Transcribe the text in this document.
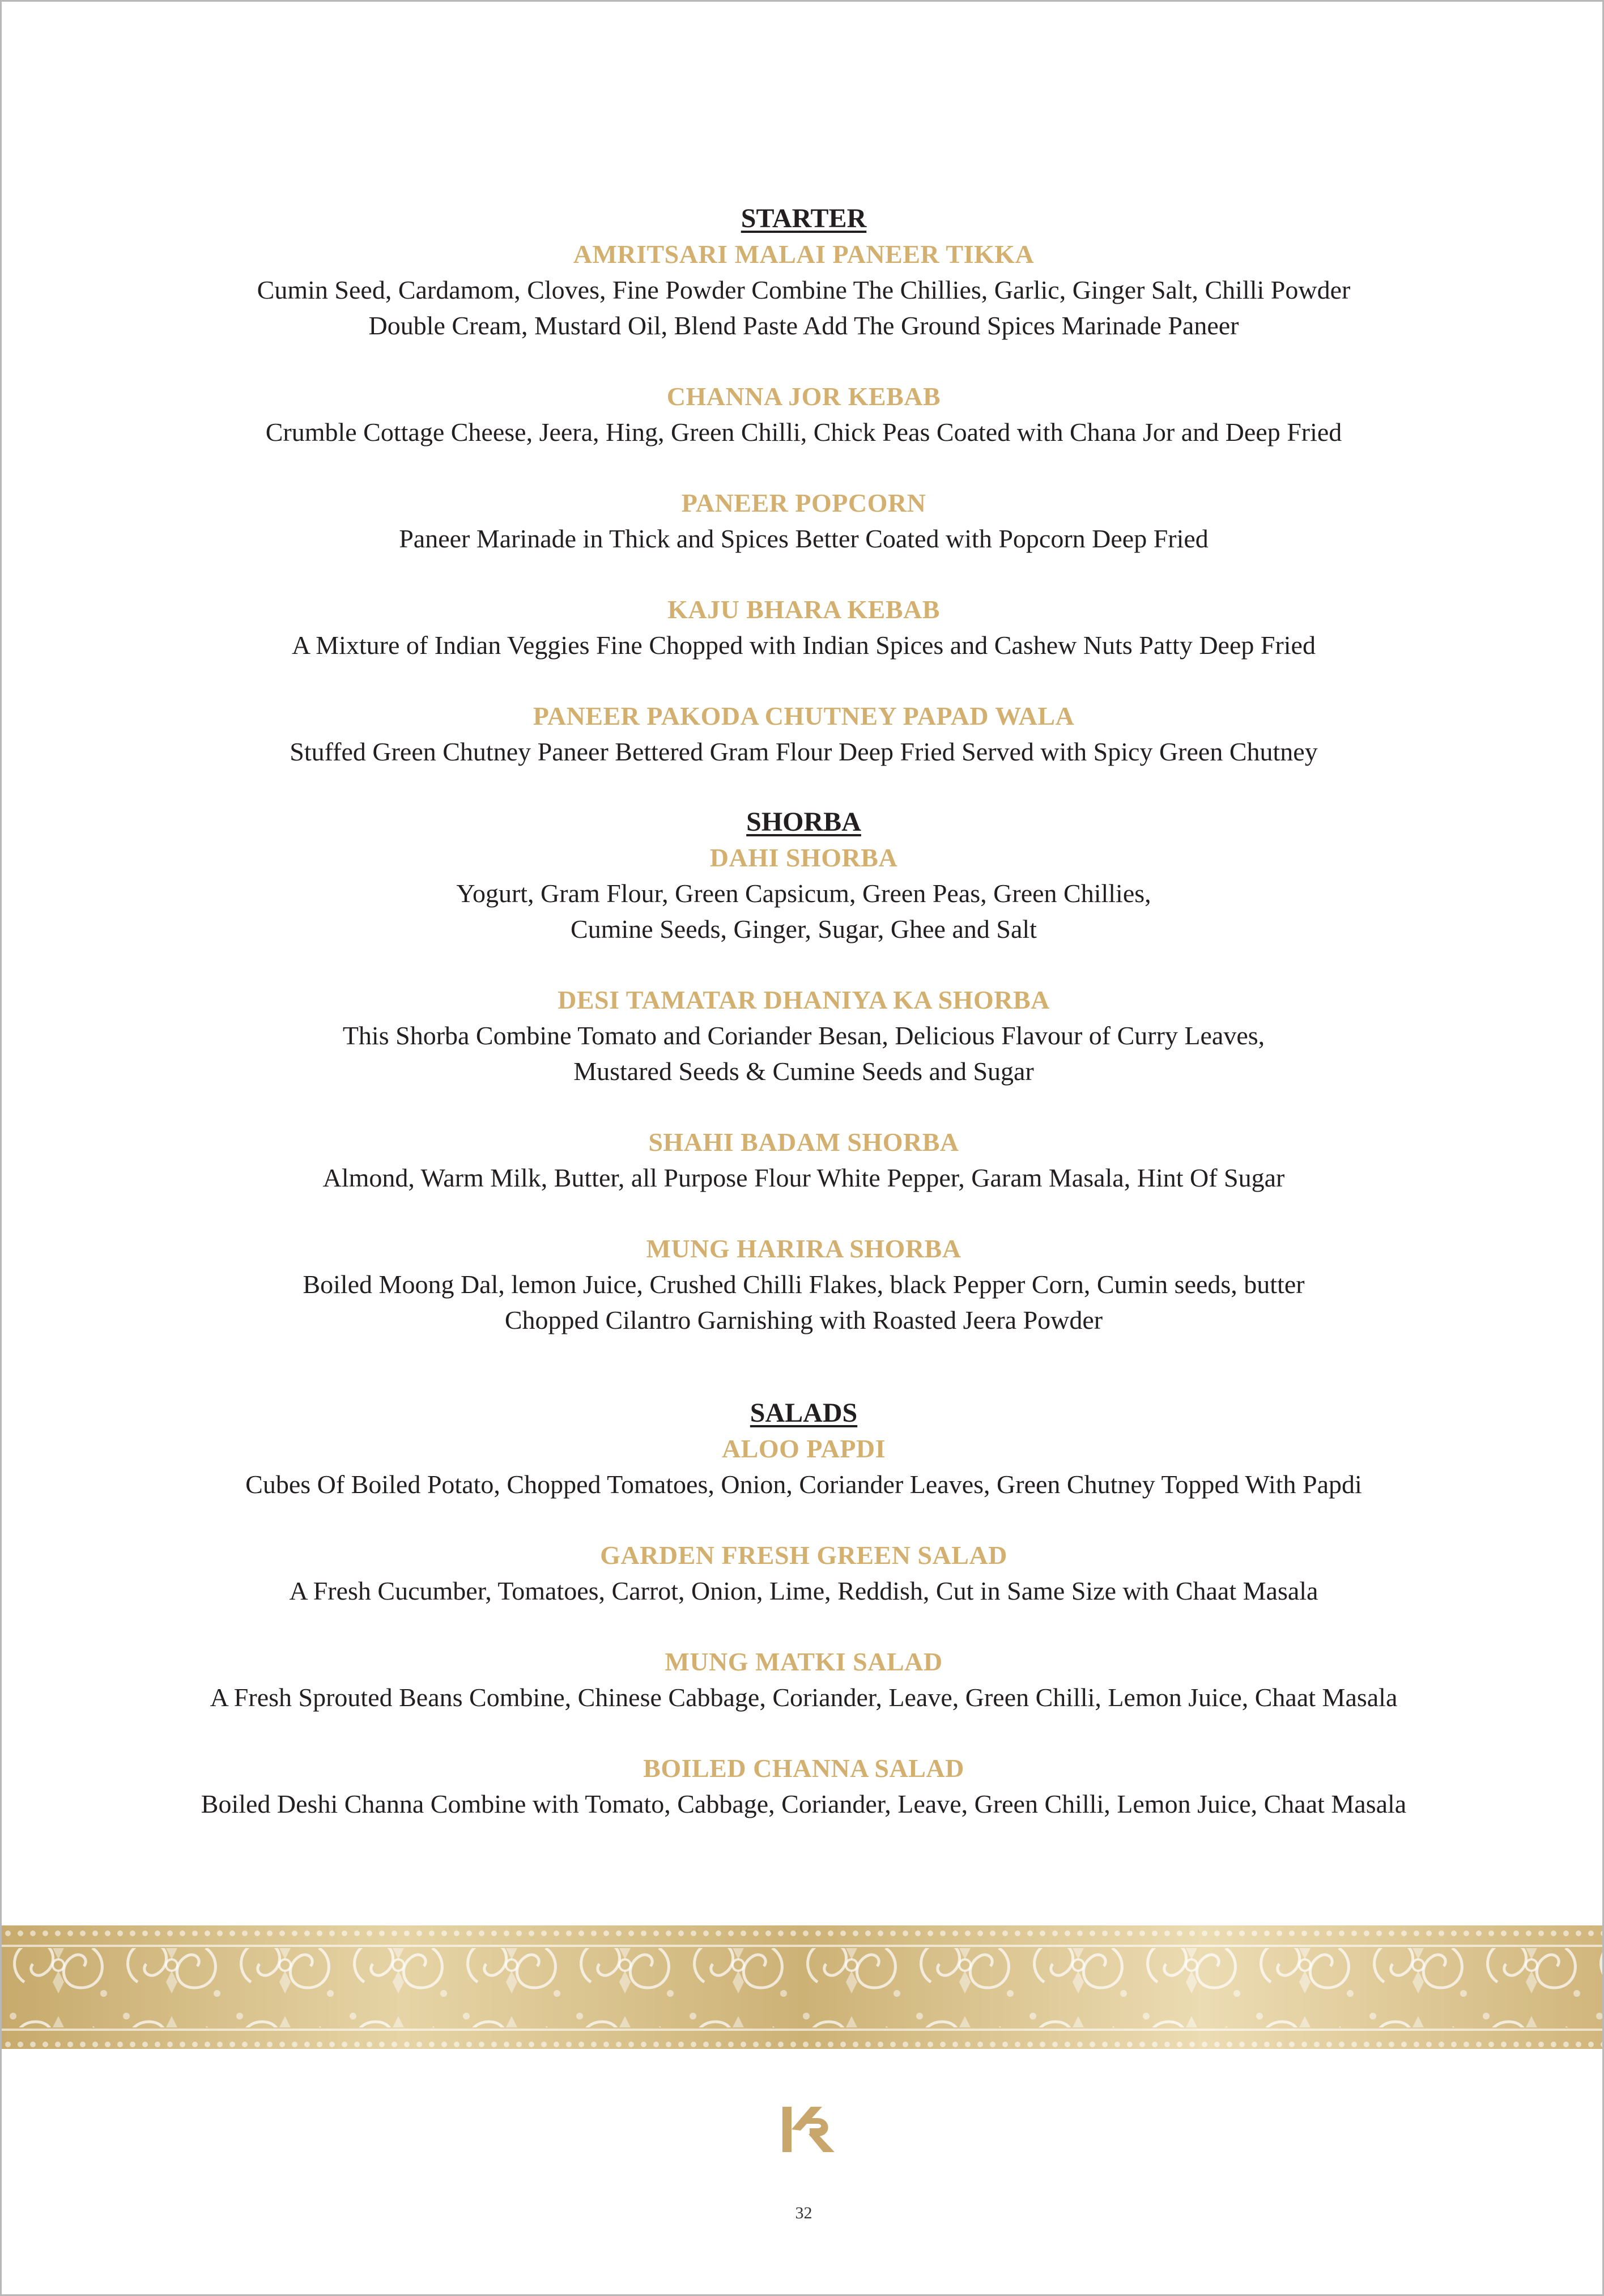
STARTER
AMRITSARI MALAI PANEER TIKKA
Cumin Seed, Cardamom, Cloves, Fine Powder Combine The Chillies, Garlic, Ginger Salt, Chilli Powder
Double Cream, Mustard Oil, Blend Paste Add The Ground Spices Marinade Paneer
CHANNA JOR KEBAB
Crumble Cottage Cheese, Jeera, Hing, Green Chilli, Chick Peas Coated with Chana Jor and Deep Fried
PANEER POPCORN
Paneer Marinade in Thick and Spices Better Coated with Popcorn Deep Fried
KAJU BHARA KEBAB
A Mixture of Indian Veggies Fine Chopped with Indian Spices and Cashew Nuts Patty Deep Fried
PANEER PAKODA CHUTNEY PAPAD WALA
Stuffed Green Chutney Paneer Bettered Gram Flour Deep Fried Served with Spicy Green Chutney
SHORBA
DAHI SHORBA
Yogurt, Gram Flour, Green Capsicum, Green Peas, Green Chillies,
Cumine Seeds, Ginger, Sugar, Ghee and Salt
DESI TAMATAR DHANIYA KA SHORBA
This Shorba Combine Tomato and Coriander Besan, Delicious Flavour of Curry Leaves,
Mustared Seeds & Cumine Seeds and Sugar
SHAHI BADAM SHORBA
Almond, Warm Milk, Butter, all Purpose Flour White Pepper, Garam Masala, Hint Of Sugar
MUNG HARIRA SHORBA
Boiled Moong Dal, lemon Juice, Crushed Chilli Flakes, black Pepper Corn, Cumin seeds, butter
Chopped Cilantro Garnishing with Roasted Jeera Powder
SALADS
ALOO PAPDI
Cubes Of Boiled Potato, Chopped Tomatoes, Onion, Coriander Leaves, Green Chutney Topped With Papdi
GARDEN FRESH GREEN SALAD
A Fresh Cucumber, Tomatoes, Carrot, Onion, Lime, Reddish, Cut in Same Size with Chaat Masala
MUNG MATKI SALAD
A Fresh Sprouted Beans Combine, Chinese Cabbage, Coriander, Leave, Green Chilli, Lemon Juice, Chaat Masala
BOILED CHANNA SALAD
Boiled Deshi Channa Combine with Tomato, Cabbage, Coriander, Leave, Green Chilli, Lemon Juice, Chaat Masala
32
